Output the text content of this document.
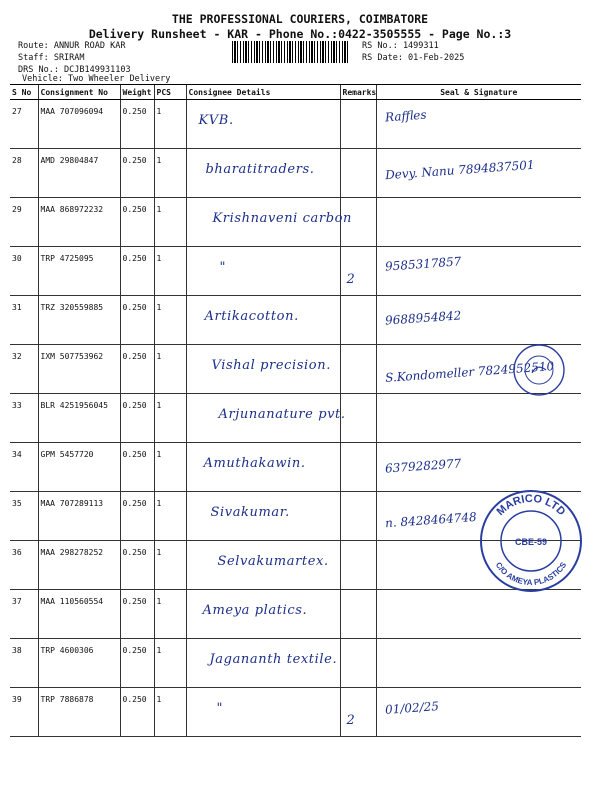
THE PROFESSIONAL COURIERS, COIMBATORE
Delivery Runsheet - KAR - Phone No.:0422-3505555 - Page No.:3
Route: ANNUR ROAD KAR
Staff: SRIRAM
DRS No.: DCJB149931103
Vehicle: Two Wheeler Delivery
RS No.: 1499311
RS Date: 01-Feb-2025
S No	Consignment No	Weight	PCS	Consignee Details	Remarks	Seal & Signature
27	MAA 707096094	0.250	1	KVB.		Raffles
28	AMD 29804847	0.250	1	bharatitraders.		Devy. Nanu 7894837501
29	MAA 868972232	0.250	1	Krishnaveni carbon		
30	TRP 4725095	0.250	1	"	2	9585317857
31	TRZ 320559885	0.250	1	Artikacotton.		9688954842
32	IXM 507753962	0.250	1	Vishal precision.		S.Kondomeller 7824952510
33	BLR 4251956045	0.250	1	Arjunanature pvt.		
34	GPM 5457720	0.250	1	Amuthakawin.		6379282977
35	MAA 707289113	0.250	1	Sivakumar.		n. 8428464748
36	MAA 298278252	0.250	1	Selvakumartex.		
37	MAA 110560554	0.250	1	Ameya platics.		
38	TRP 4600306	0.250	1	Jagananth textile.		
39	TRP 7886878	0.250	1	"	2	01/02/25
MARICO LTD
C/O AMEYA PLASTICS
CBE-59
